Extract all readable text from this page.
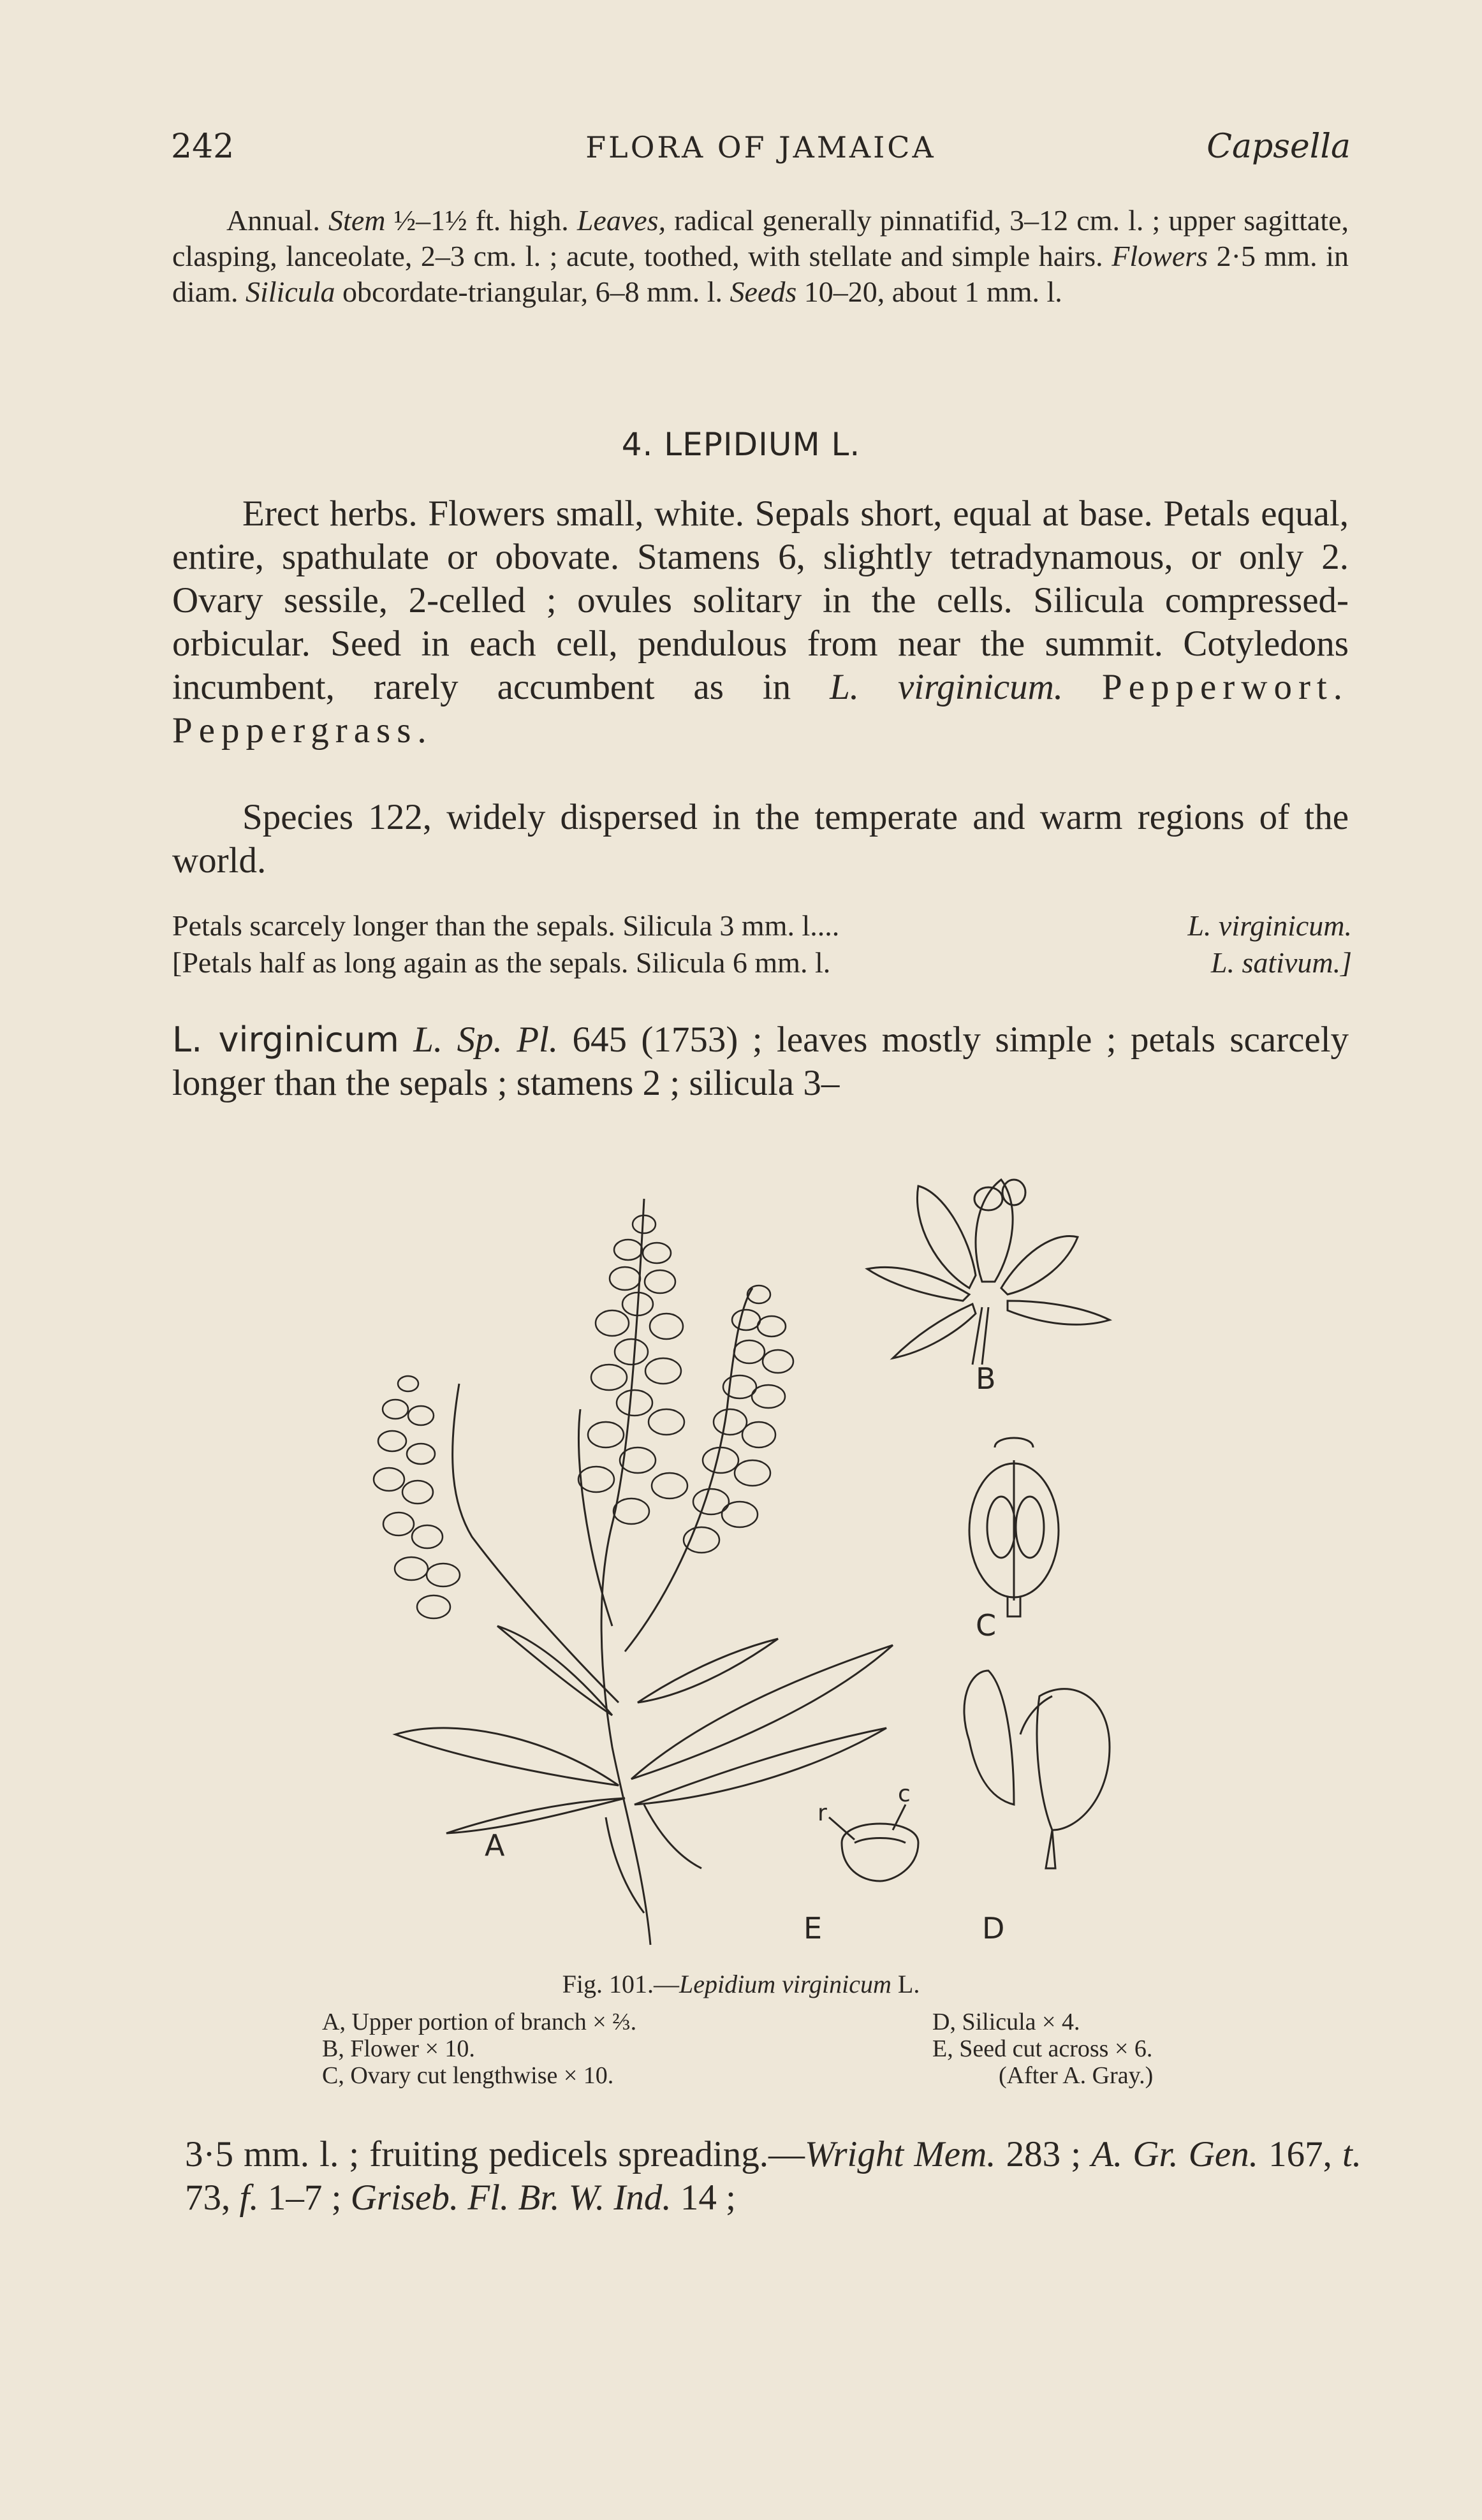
242	FLORA OF JAMAICA	Capsella

Annual. Stem ½–1½ ft. high. Leaves, radical generally pinnatifid, 3–12 cm. l. ; upper sagittate, clasping, lanceolate, 2–3 cm. l. ; acute, toothed, with stellate and simple hairs. Flowers 2·5 mm. in diam. Silicula obcordate-triangular, 6–8 mm. l. Seeds 10–20, about 1 mm. l.

4. LEPIDIUM L.

Erect herbs. Flowers small, white. Sepals short, equal at base. Petals equal, entire, spathulate or obovate. Stamens 6, slightly tetradynamous, or only 2. Ovary sessile, 2-celled ; ovules solitary in the cells. Silicula compressed-orbicular. Seed in each cell, pendulous from near the summit. Cotyledons incumbent, rarely accumbent as in L. virginicum. Pepperwort. Peppergrass.

Species 122, widely dispersed in the temperate and warm regions of the world.

Petals scarcely longer than the sepals. Silicula 3 mm. l....	L. virginicum.
[Petals half as long again as the sepals. Silicula 6 mm. l.	L. sativum.]

L. virginicum L. Sp. Pl. 645 (1753) ; leaves mostly simple ; petals scarcely longer than the sepals ; stamens 2 ; silicula 3–

B
C
D
r
c
E
A
Fig. 101.—Lepidium virginicum L.
A, Upper portion of branch × ⅔.
B, Flower × 10.
C, Ovary cut lengthwise × 10.
D, Silicula × 4.
E, Seed cut across × 6.
(After A. Gray.)

3·5 mm. l. ; fruiting pedicels spreading.—Wright Mem. 283 ; A. Gr. Gen. 167, t. 73, f. 1–7 ; Griseb. Fl. Br. W. Ind. 14 ;
